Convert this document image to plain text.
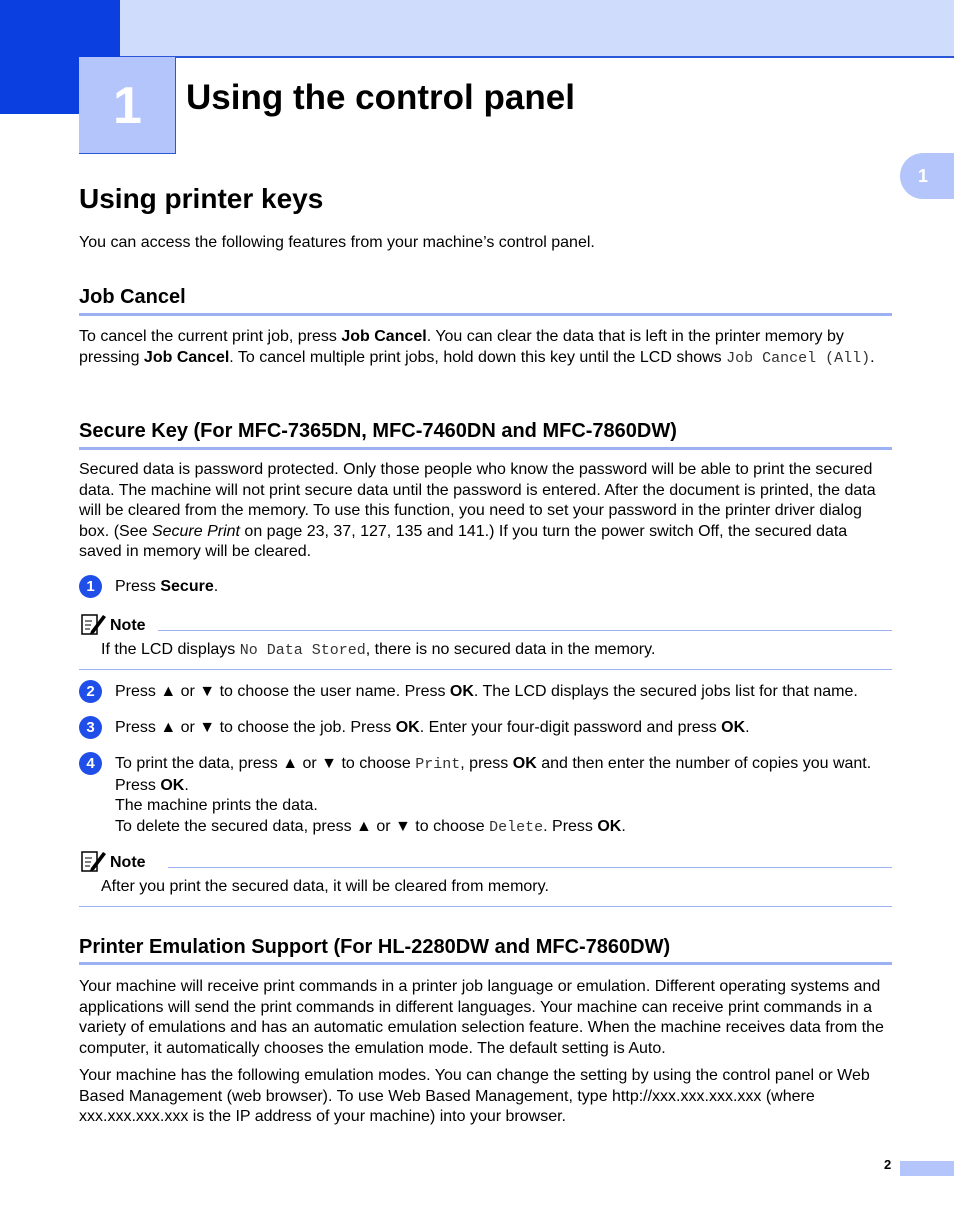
1	Using the control panel
1
Using printer keys
You can access the following features from your machine’s control panel.
Job Cancel
To cancel the current print job, press Job Cancel. You can clear the data that is left in the printer memory by pressing Job Cancel. To cancel multiple print jobs, hold down this key until the LCD shows Job Cancel (All).
Secure Key (For MFC-7365DN, MFC-7460DN and MFC-7860DW)
Secured data is password protected. Only those people who know the password will be able to print the secured data. The machine will not print secure data until the password is entered. After the document is printed, the data will be cleared from the memory. To use this function, you need to set your password in the printer driver dialog box. (See Secure Print on page 23, 37, 127, 135 and 141.) If you turn the power switch Off, the secured data saved in memory will be cleared.
1	Press Secure.
Note
If the LCD displays No Data Stored, there is no secured data in the memory.
2	Press ▲ or ▼ to choose the user name. Press OK. The LCD displays the secured jobs list for that name.
3	Press ▲ or ▼ to choose the job. Press OK. Enter your four-digit password and press OK.
4	To print the data, press ▲ or ▼ to choose Print, press OK and then enter the number of copies you want. Press OK.
The machine prints the data.
To delete the secured data, press ▲ or ▼ to choose Delete. Press OK.
Note
After you print the secured data, it will be cleared from memory.
Printer Emulation Support (For HL-2280DW and MFC-7860DW)
Your machine will receive print commands in a printer job language or emulation. Different operating systems and applications will send the print commands in different languages. Your machine can receive print commands in a variety of emulations and has an automatic emulation selection feature. When the machine receives data from the computer, it automatically chooses the emulation mode. The default setting is Auto.
Your machine has the following emulation modes. You can change the setting by using the control panel or Web Based Management (web browser). To use Web Based Management, type http://xxx.xxx.xxx.xxx (where xxx.xxx.xxx.xxx is the IP address of your machine) into your browser.
2
